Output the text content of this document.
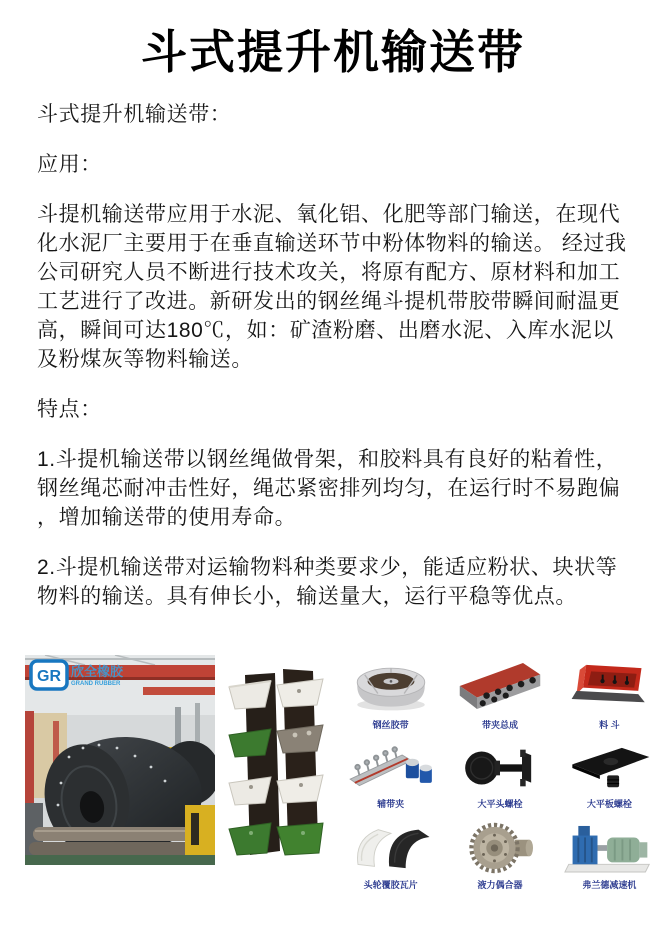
斗式提升机输送带
斗式提升机输送带：
应用：
斗提机输送带应用于水泥、氧化铝、化肥等部门输送，在现代
化水泥厂主要用于在垂直输送环节中粉体物料的输送。 经过我
公司研究人员不断进行技术攻关，将原有配方、原材料和加工
工艺进行了改进。新研发出的钢丝绳斗提机带胶带瞬间耐温更
高，瞬间可达180℃，如：矿渣粉磨、出磨水泥、入库水泥以
及粉煤灰等物料输送。
特点：
1.斗提机输送带以钢丝绳做骨架，和胶料具有良好的粘着性，
钢丝绳芯耐冲击性好，绳芯紧密排列均匀，在运行时不易跑偏
，增加输送带的使用寿命。
2.斗提机输送带对运输物料种类要求少，能适应粉状、块状等
物料的输送。具有伸长小，输送量大，运行平稳等优点。
GR 欣全橡胶
GRAND RUBBER
钢丝胶带	带夹总成	料 斗
辅带夹	大平头螺栓	大平板螺栓
头轮覆胶瓦片	液力偶合器	弗兰德减速机
